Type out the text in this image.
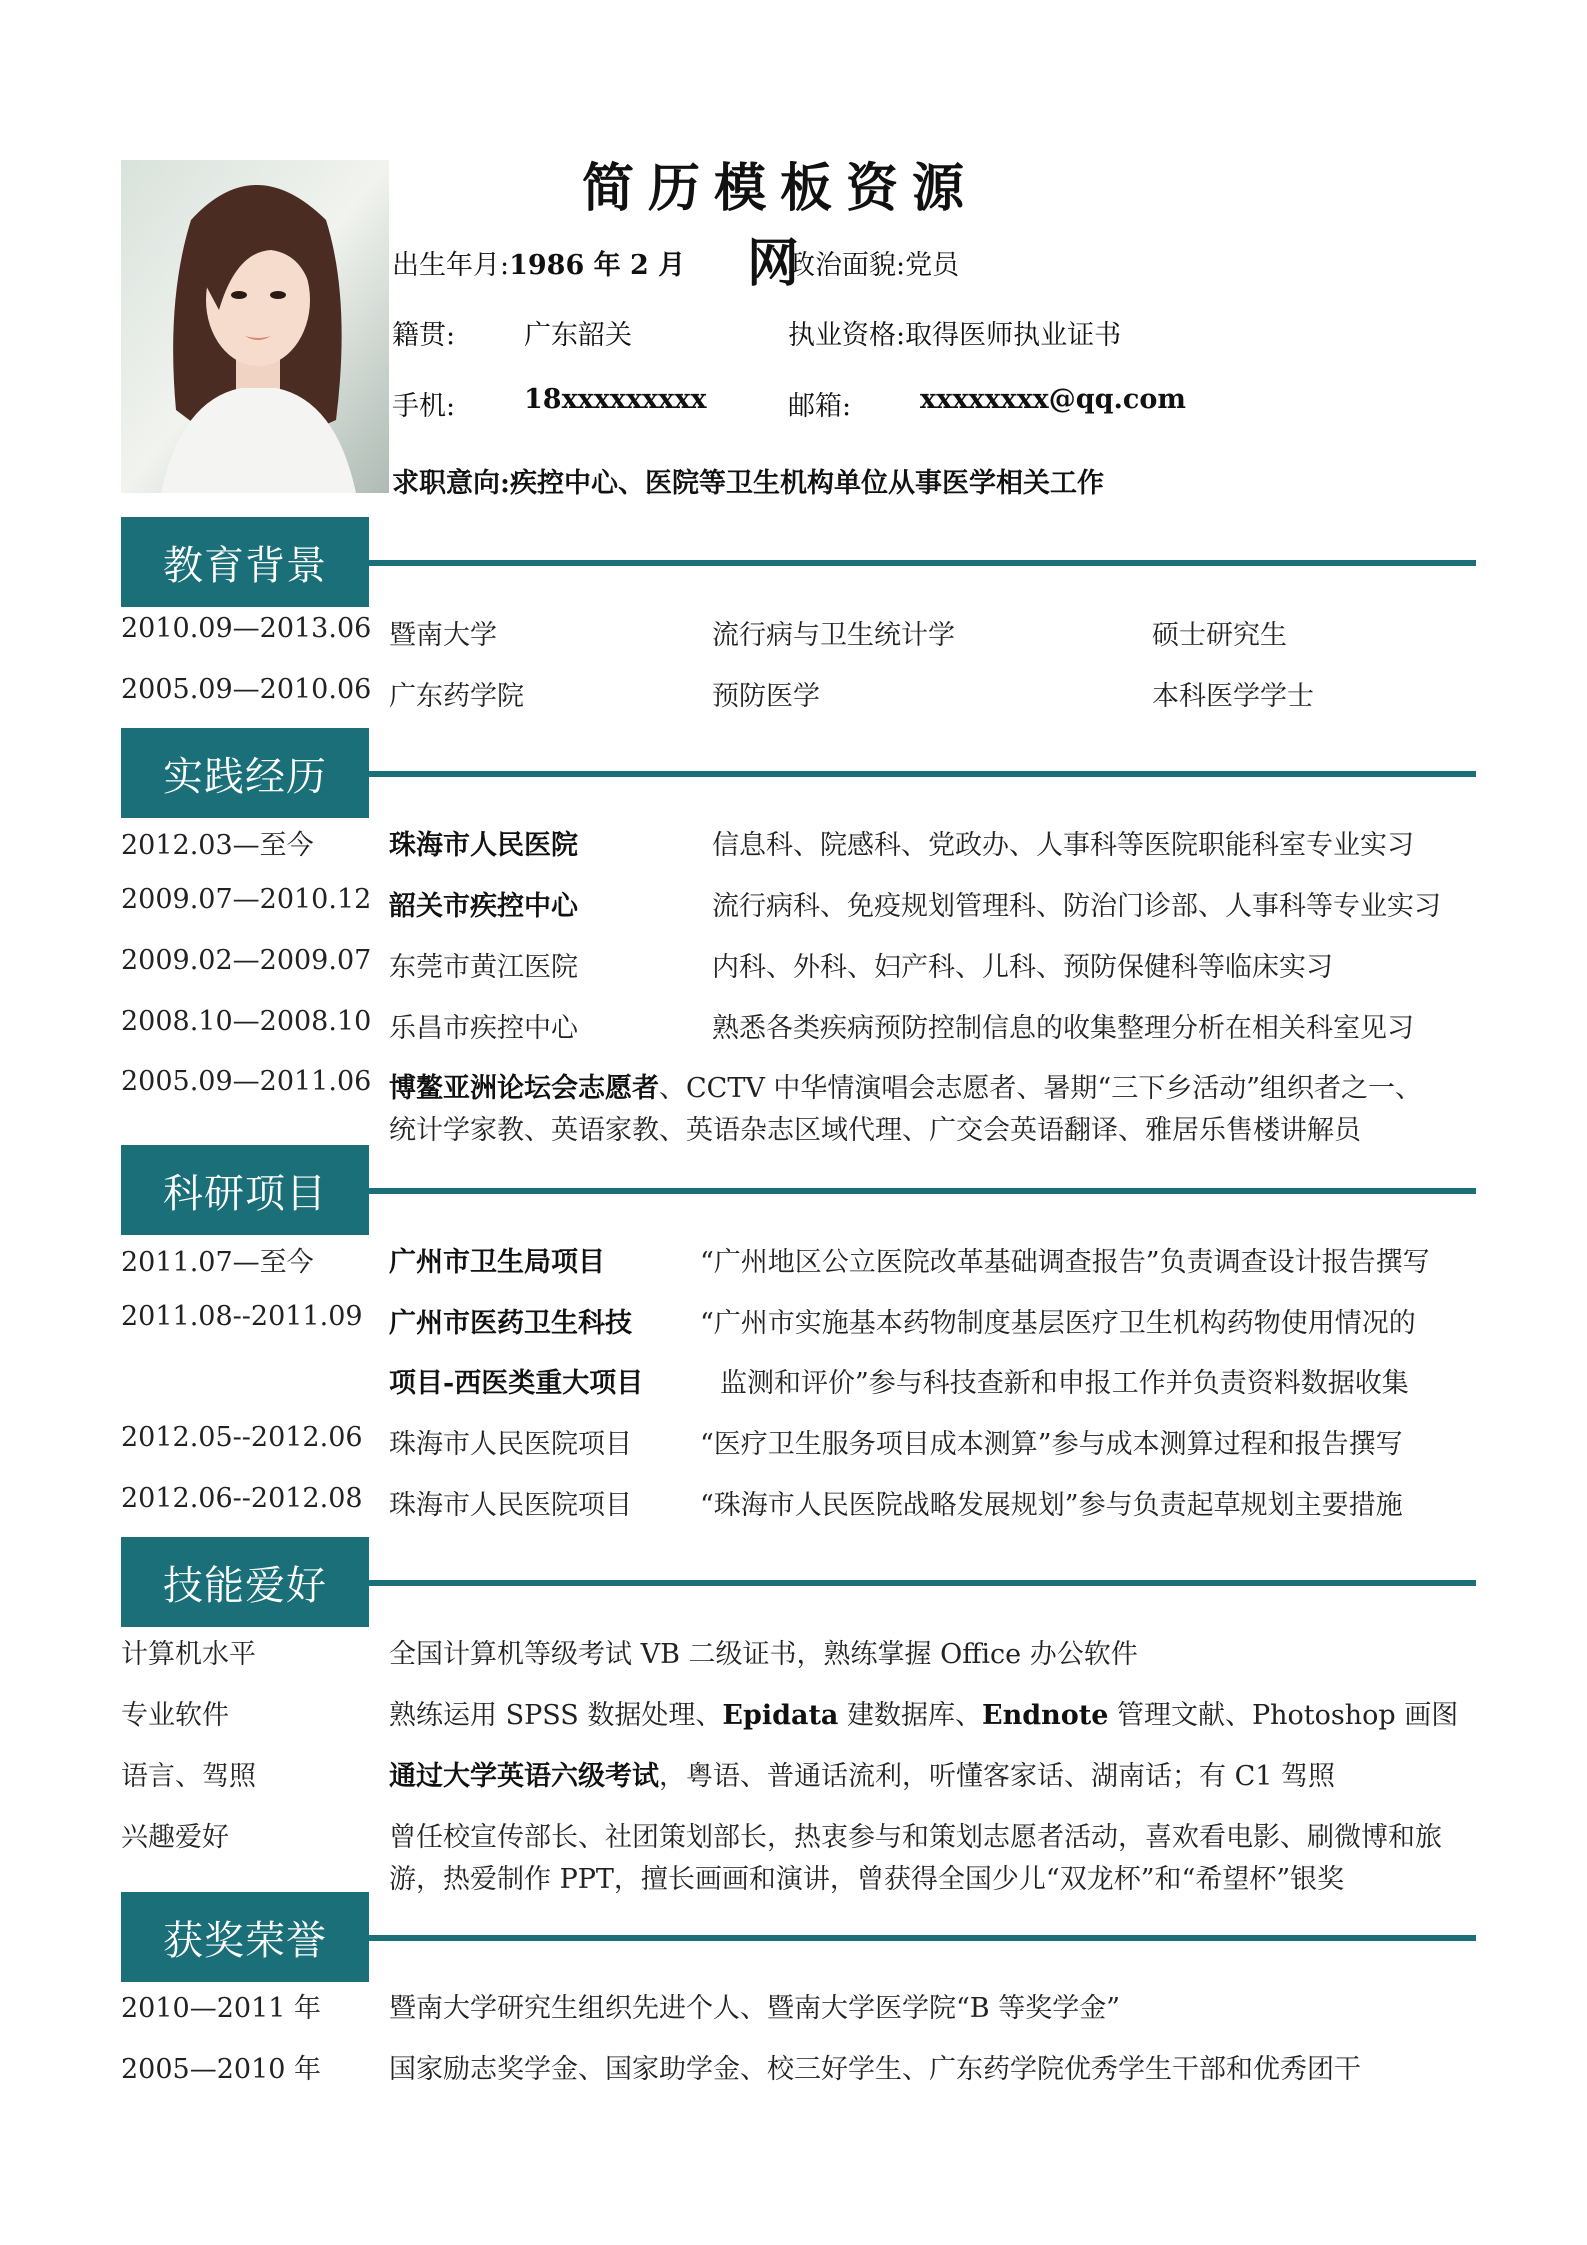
简历模板资源网
出生年月:1986 年 2 月	政治面貌:党员
籍贯:	广东韶关	执业资格:取得医师执业证书
手机:	18xxxxxxxxx	邮箱:	xxxxxxxx@qq.com
求职意向:疾控中心、医院等卫生机构单位从事医学相关工作
教育背景
2010.09—2013.06 暨南大学	流行病与卫生统计学	硕士研究生
2005.09—2010.06 广东药学院	预防医学	本科医学学士
实践经历
2012.03—至今	珠海市人民医院	信息科、院感科、党政办、人事科等医院职能科室专业实习
2009.07—2010.12 韶关市疾控中心	流行病科、免疫规划管理科、防治门诊部、人事科等专业实习
2009.02—2009.07 东莞市黄江医院	内科、外科、妇产科、儿科、预防保健科等临床实习
2008.10—2008.10 乐昌市疾控中心	熟悉各类疾病预防控制信息的收集整理分析在相关科室见习
2005.09—2011.06 博鳌亚洲论坛会志愿者、CCTV 中华情演唱会志愿者、暑期“三下乡活动”组织者之一、
统计学家教、英语家教、英语杂志区域代理、广交会英语翻译、雅居乐售楼讲解员
科研项目
2011.07—至今	广州市卫生局项目	“广州地区公立医院改革基础调查报告”负责调查设计报告撰写
2011.08--2011.09 广州市医药卫生科技	“广州市实施基本药物制度基层医疗卫生机构药物使用情况的
项目-西医类重大项目	监测和评价”参与科技查新和申报工作并负责资料数据收集
2012.05--2012.06 珠海市人民医院项目	“医疗卫生服务项目成本测算”参与成本测算过程和报告撰写
2012.06--2012.08 珠海市人民医院项目	“珠海市人民医院战略发展规划”参与负责起草规划主要措施
技能爱好
计算机水平	全国计算机等级考试 VB 二级证书，熟练掌握 Office 办公软件
专业软件	熟练运用 SPSS 数据处理、Epidata 建数据库、Endnote 管理文献、Photoshop 画图
语言、驾照	通过大学英语六级考试，粤语、普通话流利，听懂客家话、湖南话；有 C1 驾照
兴趣爱好	曾任校宣传部长、社团策划部长，热衷参与和策划志愿者活动，喜欢看电影、刷微博和旅
游，热爱制作 PPT，擅长画画和演讲，曾获得全国少儿“双龙杯”和“希望杯”银奖
获奖荣誉
2010—2011 年	暨南大学研究生组织先进个人、暨南大学医学院“B 等奖学金”
2005—2010 年	国家励志奖学金、国家助学金、校三好学生、广东药学院优秀学生干部和优秀团干
